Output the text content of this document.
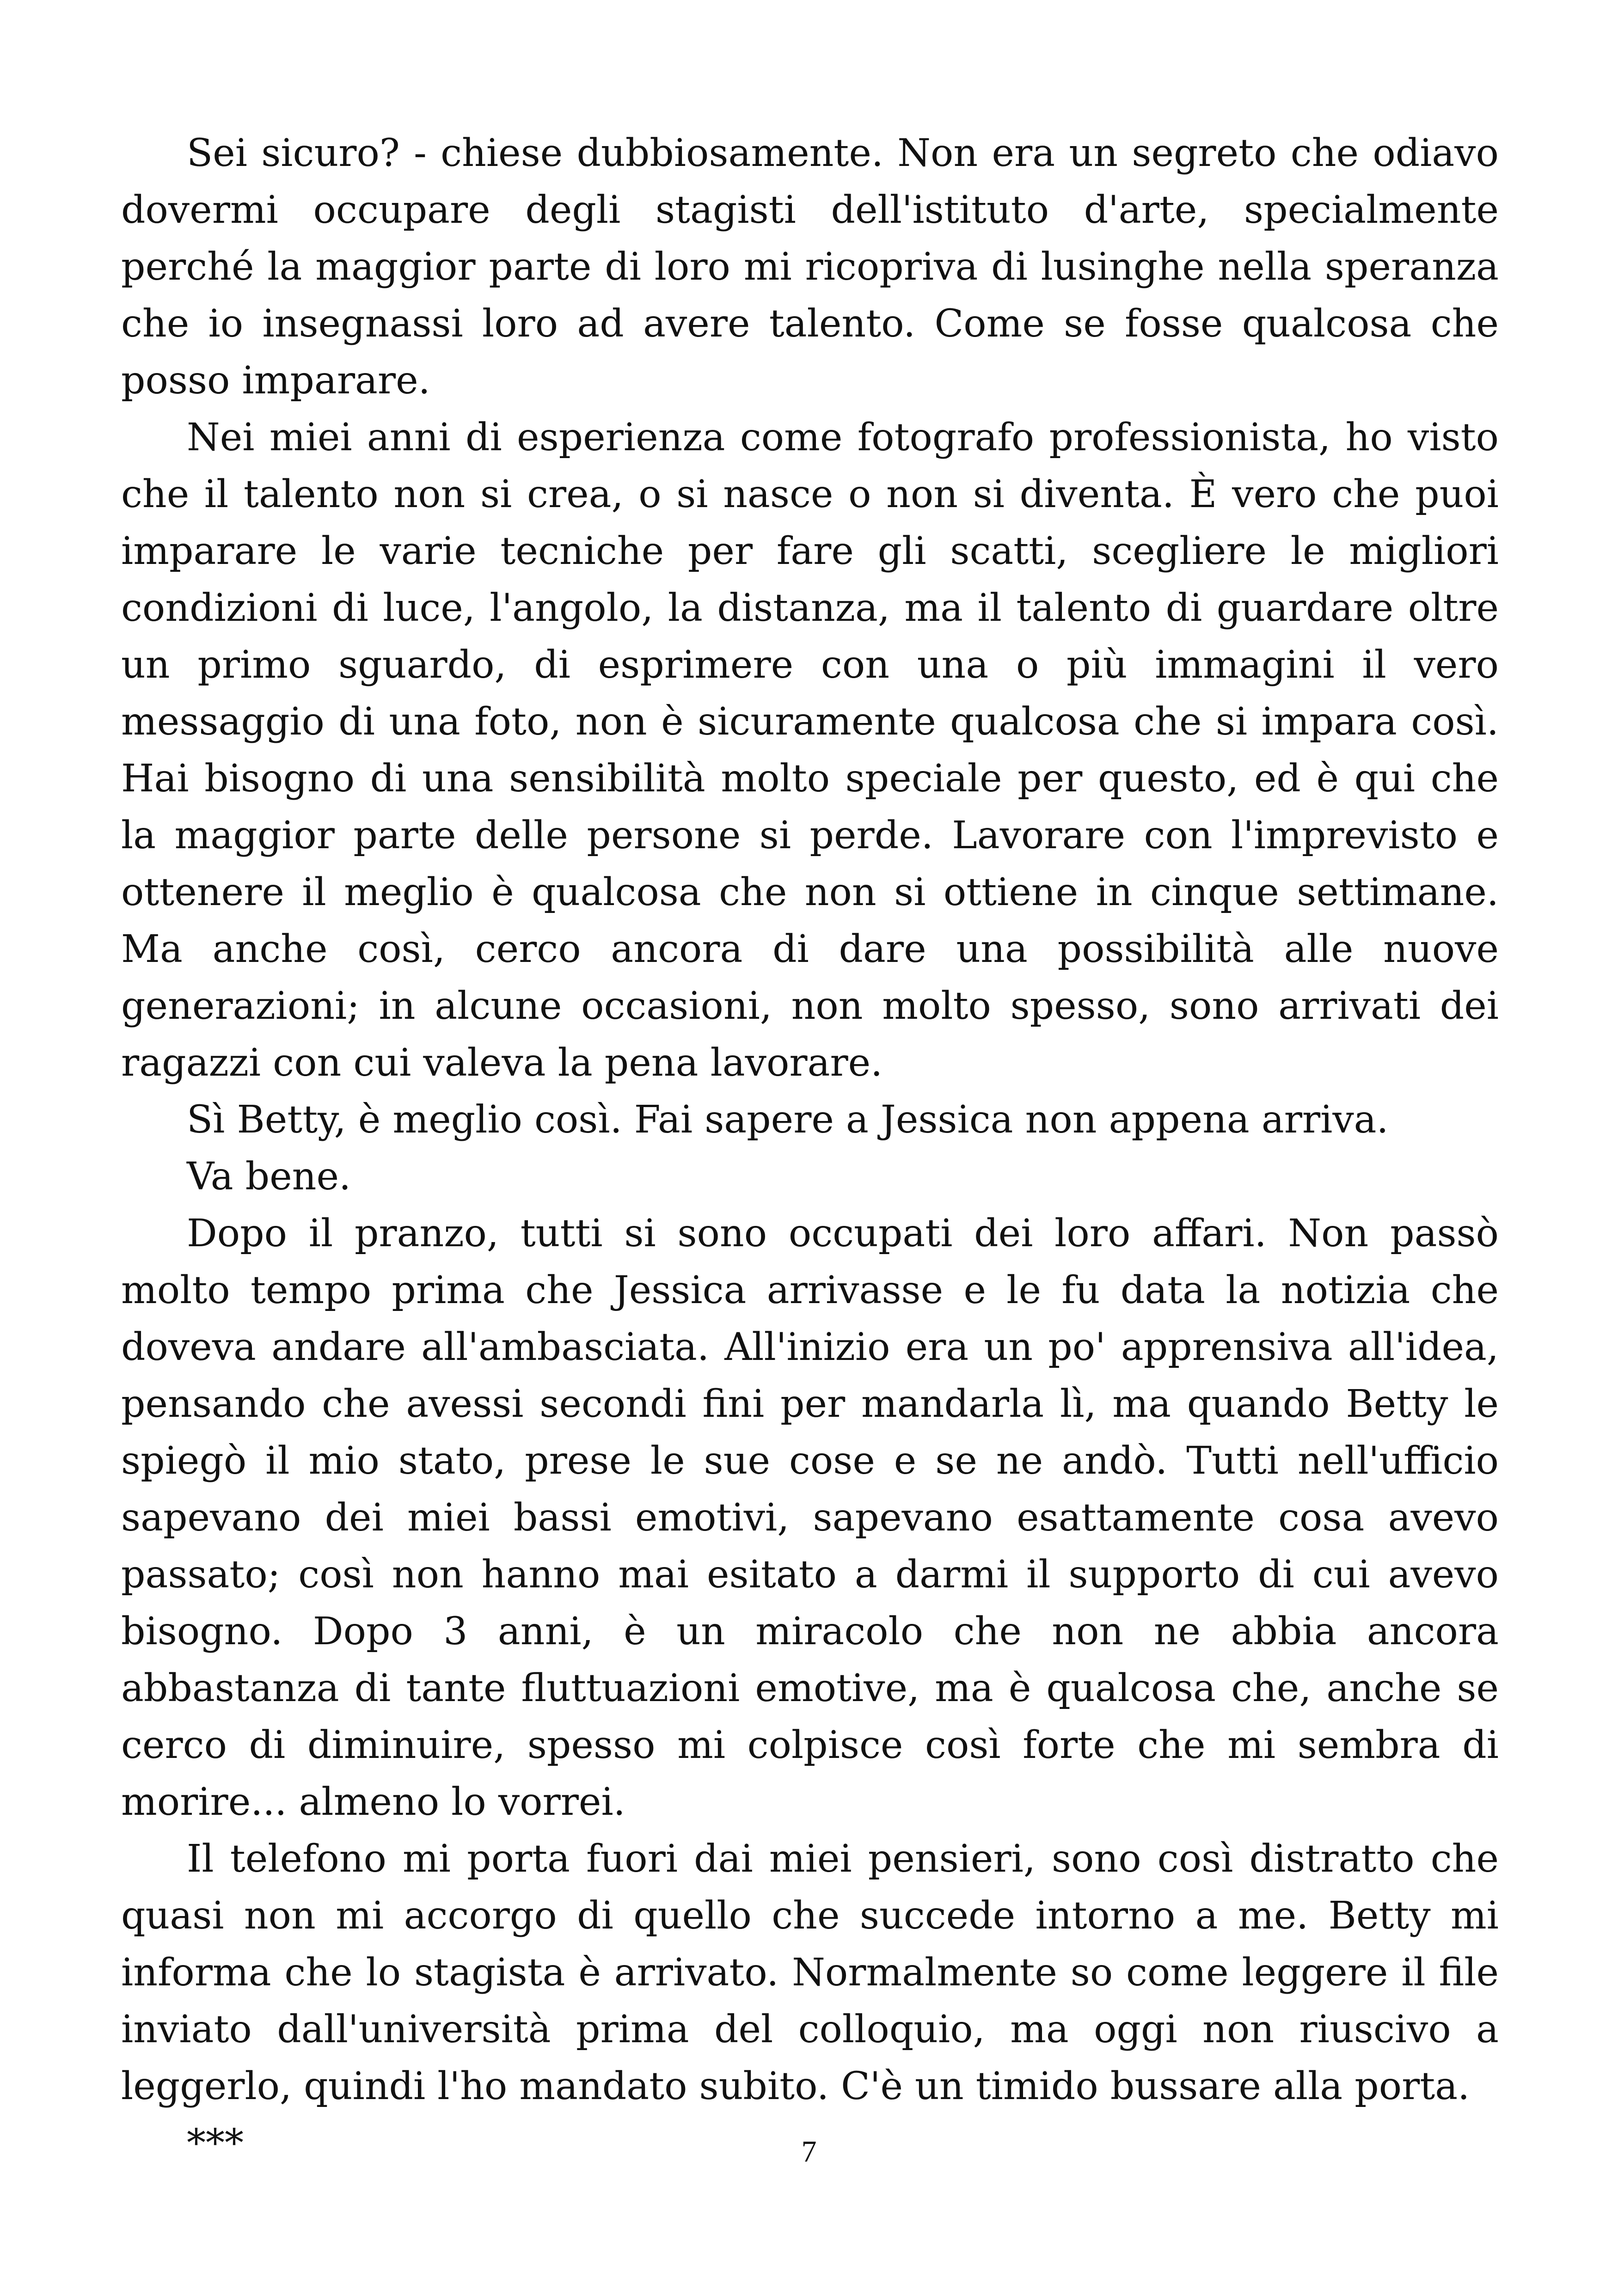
Sei sicuro? - chiese dubbiosamente. Non era un segreto che odiavo dovermi occupare degli stagisti dell'istituto d'arte, specialmente perché la maggior parte di loro mi ricopriva di lusinghe nella speranza che io insegnassi loro ad avere talento. Come se fosse qualcosa che posso imparare.

Nei miei anni di esperienza come fotografo professionista, ho visto che il talento non si crea, o si nasce o non si diventa. È vero che puoi imparare le varie tecniche per fare gli scatti, scegliere le migliori condizioni di luce, l'angolo, la distanza, ma il talento di guardare oltre un primo sguardo, di esprimere con una o più immagini il vero messaggio di una foto, non è sicuramente qualcosa che si impara così. Hai bisogno di una sensibilità molto speciale per questo, ed è qui che la maggior parte delle persone si perde. Lavorare con l'imprevisto e ottenere il meglio è qualcosa che non si ottiene in cinque settimane. Ma anche così, cerco ancora di dare una possibilità alle nuove generazioni; in alcune occasioni, non molto spesso, sono arrivati dei ragazzi con cui valeva la pena lavorare.

Sì Betty, è meglio così. Fai sapere a Jessica non appena arriva.

Va bene.

Dopo il pranzo, tutti si sono occupati dei loro affari. Non passò molto tempo prima che Jessica arrivasse e le fu data la notizia che doveva andare all'ambasciata. All'inizio era un po' apprensiva all'idea, pensando che avessi secondi fini per mandarla lì, ma quando Betty le spiegò il mio stato, prese le sue cose e se ne andò. Tutti nell'ufficio sapevano dei miei bassi emotivi, sapevano esattamente cosa avevo passato; così non hanno mai esitato a darmi il supporto di cui avevo bisogno. Dopo 3 anni, è un miracolo che non ne abbia ancora abbastanza di tante fluttuazioni emotive, ma è qualcosa che, anche se cerco di diminuire, spesso mi colpisce così forte che mi sembra di morire... almeno lo vorrei.

Il telefono mi porta fuori dai miei pensieri, sono così distratto che quasi non mi accorgo di quello che succede intorno a me. Betty mi informa che lo stagista è arrivato. Normalmente so come leggere il file inviato dall'università prima del colloquio, ma oggi non riuscivo a leggerlo, quindi l'ho mandato subito. C'è un timido bussare alla porta.

***	7
